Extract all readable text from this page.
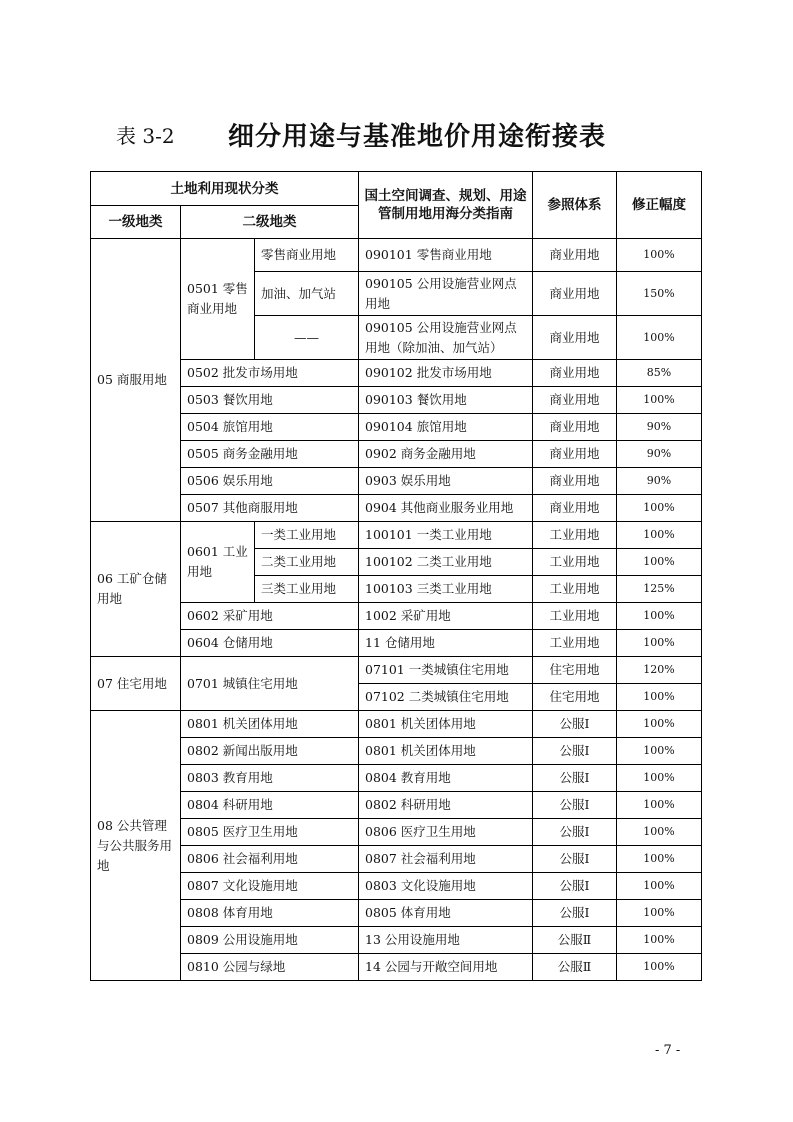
表 3-2 细分用途与基准地价用途衔接表
土地利用现状分类			国土空间调查、规划、用途管制用地用海分类指南	参照体系	修正幅度
一级地类	二级地类				
05 商服用地	0501 零售商业用地	零售商业用地	090101 零售商业用地	商业用地	100%
		加油、加气站	090105 公用设施营业网点用地	商业用地	150%
		——	090105 公用设施营业网点用地（除加油、加气站）	商业用地	100%
	0502 批发市场用地		090102 批发市场用地	商业用地	85%
	0503 餐饮用地		090103 餐饮用地	商业用地	100%
	0504 旅馆用地		090104 旅馆用地	商业用地	90%
	0505 商务金融用地		0902 商务金融用地	商业用地	90%
	0506 娱乐用地		0903 娱乐用地	商业用地	90%
	0507 其他商服用地		0904 其他商业服务业用地	商业用地	100%
06 工矿仓储用地	0601 工业用地	一类工业用地	100101 一类工业用地	工业用地	100%
		二类工业用地	100102 二类工业用地	工业用地	100%
		三类工业用地	100103 三类工业用地	工业用地	125%
	0602 采矿用地		1002 采矿用地	工业用地	100%
	0604 仓储用地		11 仓储用地	工业用地	100%
07 住宅用地	0701 城镇住宅用地		07101 一类城镇住宅用地	住宅用地	120%
			07102 二类城镇住宅用地	住宅用地	100%
08 公共管理与公共服务用地	0801 机关团体用地		0801 机关团体用地	公服Ⅰ	100%
	0802 新闻出版用地		0801 机关团体用地	公服Ⅰ	100%
	0803 教育用地		0804 教育用地	公服Ⅰ	100%
	0804 科研用地		0802 科研用地	公服Ⅰ	100%
	0805 医疗卫生用地		0806 医疗卫生用地	公服Ⅰ	100%
	0806 社会福利用地		0807 社会福利用地	公服Ⅰ	100%
	0807 文化设施用地		0803 文化设施用地	公服Ⅰ	100%
	0808 体育用地		0805 体育用地	公服Ⅰ	100%
	0809 公用设施用地		13 公用设施用地	公服Ⅱ	100%
	0810 公园与绿地		14 公园与开敞空间用地	公服Ⅱ	100%
- 7 -
